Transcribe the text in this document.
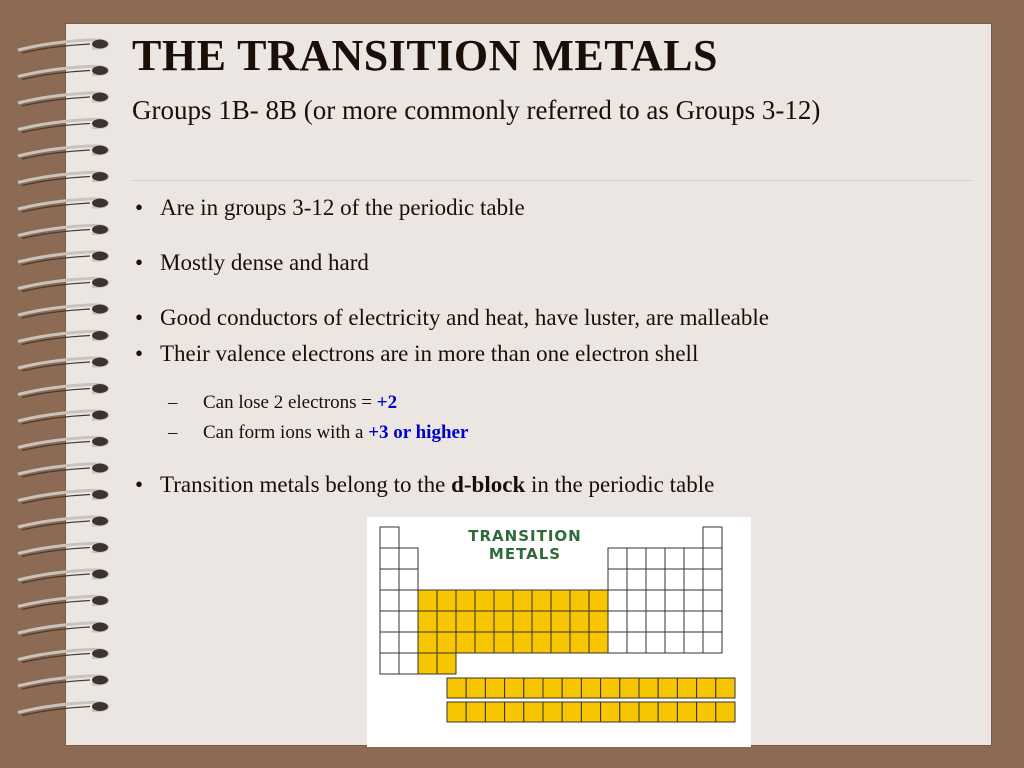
THE TRANSITION METALS
Groups 1B- 8B (or more commonly referred to as Groups 3-12)
• Are in groups 3-12 of the periodic table
• Mostly dense and hard
• Good conductors of electricity and heat, have luster, are malleable
• Their valence electrons are in more than one electron shell
–	Can lose 2 electrons = +2
–	Can form ions with a +3 or higher
• Transition metals belong to the d-block in the periodic table
TRANSITION
METALS
